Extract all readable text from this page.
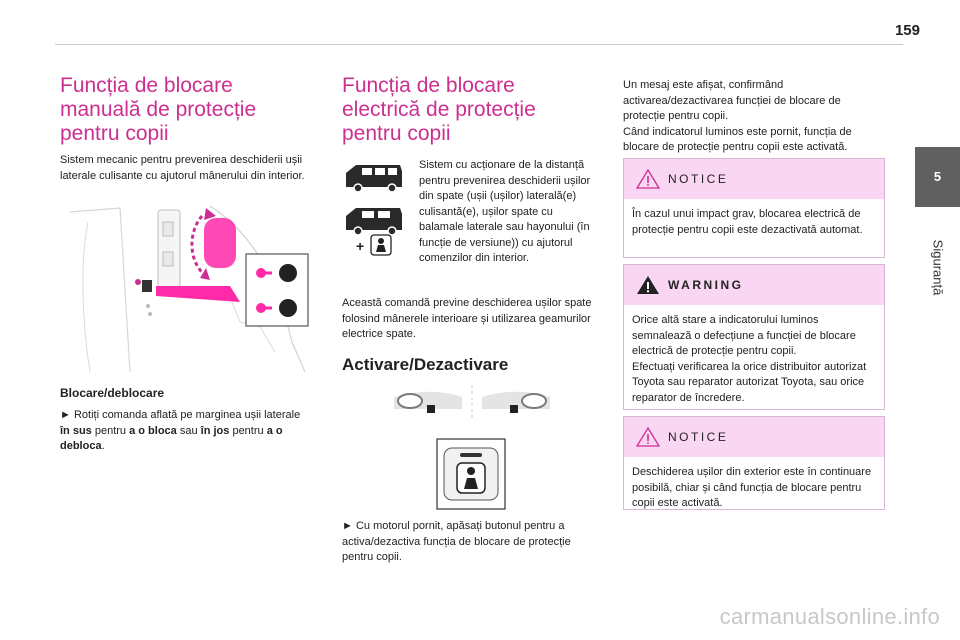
159
5
Siguranță
Funcția de blocare manuală de protecție pentru copii

Sistem mecanic pentru prevenirea deschiderii ușii laterale culisante cu ajutorul mânerului din interior.

Blocare/deblocare

► Rotiți comanda aflată pe marginea ușii laterale în sus pentru a o bloca sau în jos pentru a o debloca.

Funcția de blocare electrică de protecție pentru copii
+

Sistem cu acționare de la distanță pentru prevenirea deschiderii ușilor din spate (ușii (ușilor) laterală(e) culisantă(e), ușilor spate cu balamale laterale sau hayonului (în funcție de versiune)) cu ajutorul comenzilor din interior.

Această comandă previne deschiderea ușilor spate folosind mânerele interioare și utilizarea geamurilor electrice spate.

Activare/Dezactivare

► Cu motorul pornit, apăsați butonul pentru a activa/dezactiva funcția de blocare de protecție pentru copii.

Un mesaj este afișat, confirmând activarea/dezactivarea funcției de blocare de protecție pentru copii.
Când indicatorul luminos este pornit, funcția de blocare de protecție pentru copii este activată.

NOTICE
În cazul unui impact grav, blocarea electrică de protecție pentru copii este dezactivată automat.
WARNING
Orice altă stare a indicatorului luminos semnalează o defecțiune a funcției de blocare electrică de protecție pentru copii.
Efectuați verificarea la orice distribuitor autorizat Toyota sau reparator autorizat Toyota, sau orice reparator de încredere.
NOTICE
Deschiderea ușilor din exterior este în continuare posibilă, chiar și când funcția de blocare pentru copii este activată.
carmanualsonline.info
